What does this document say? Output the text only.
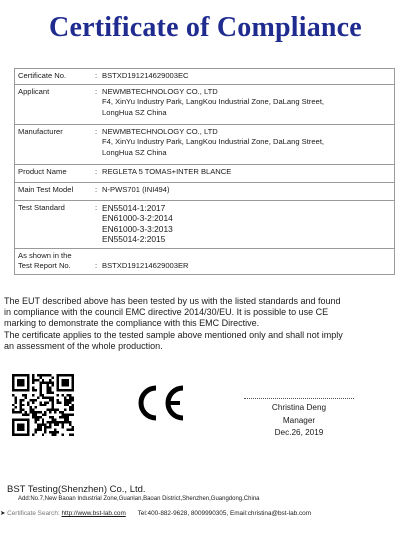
Certificate of Compliance
Certificate No.	:	BSTXD191214629003EC
Applicant	:	NEWMBTECHNOLOGY CO., LTD
F4, XinYu Industry Park, LangKou Industrial Zone, DaLang Street,
LongHua SZ China

Manufacturer	:	NEWMBTECHNOLOGY CO., LTD
F4, XinYu Industry Park, LangKou Industrial Zone, DaLang Street,
LongHua SZ China

Product Name	:	REGLETA 5 TOMAS+INTER BLANCE
Main Test Model	:	N-PWS701 (INI494)
Test Standard	:	EN55014-1:2017
EN61000-3-2:2014
EN61000-3-3:2013
EN55014-2:2015

As shown in the
Test Report No.	:	BSTXD191214629003ER
The EUT described above has been tested by us with the listed standards and found
in compliance with the council EMC directive 2014/30/EU. It is possible to use CE
marking to demonstrate the compliance with this EMC Directive.
The certificate applies to the tested sample above mentioned only and shall not imply
an assessment of the whole production.
Christina Deng
Manager
Dec.26, 2019
BST Testing(Shenzhen) Co., Ltd.
Add:No.7,New Baoan Industrial Zone,Guanlan,Baoan District,Shenzhen,Guangdong,China
➤ Certificate Search: http://www.bst-lab.com Tel:400-882-9628, 8009990305, Email:christina@bst-lab.com
